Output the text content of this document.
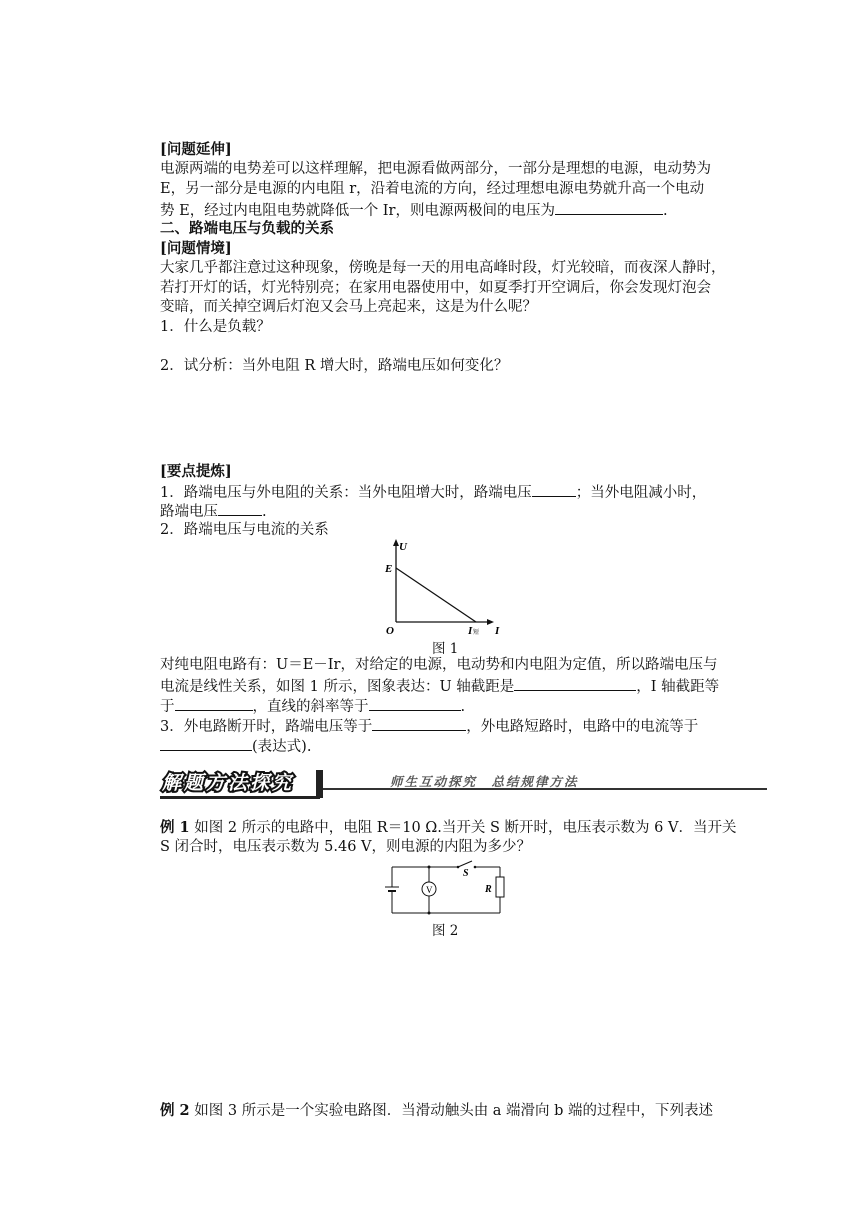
[问题延伸]
电源两端的电势差可以这样理解，把电源看做两部分，一部分是理想的电源，电动势为
E，另一部分是电源的内电阻 r，沿着电流的方向，经过理想电源电势就升高一个电动
势 E，经过内电阻电势就降低一个 Ir，则电源两极间的电压为	.
二、路端电压与负载的关系
[问题情境]
大家几乎都注意过这种现象，傍晚是每一天的用电高峰时段，灯光较暗，而夜深人静时，
若打开灯的话，灯光特别亮；在家用电器使用中，如夏季打开空调后，你会发现灯泡会
变暗，而关掉空调后灯泡又会马上亮起来，这是为什么呢？
1．什么是负载？
2．试分析：当外电阻 R 增大时，路端电压如何变化？
[要点提炼]
1．路端电压与外电阻的关系：当外电阻增大时，路端电压	；当外电阻减小时，
路端电压	.
2．路端电压与电流的关系
U
E
O	I 短 I
图 1
对纯电阻电路有：U＝E－Ir，对给定的电源，电动势和内电阻为定值，所以路端电压与
电流是线性关系，如图 1 所示，图象表达：U 轴截距是	，I 轴截距等
于	，直线的斜率等于	.
3．外电路断开时，路端电压等于	，外电路短路时，电路中的电流等于
(表达式).
解题方法探究	师生互动探究　总结规律方法
例 1 如图 2 所示的电路中，电阻 R＝10 Ω.当开关 S 断开时，电压表示数为 6 V．当开关
S 闭合时，电压表示数为 5.46 V，则电源的内阻为多少？
V
S
R
图 2
例 2 如图 3 所示是一个实验电路图．当滑动触头由 a 端滑向 b 端的过程中，下列表述
